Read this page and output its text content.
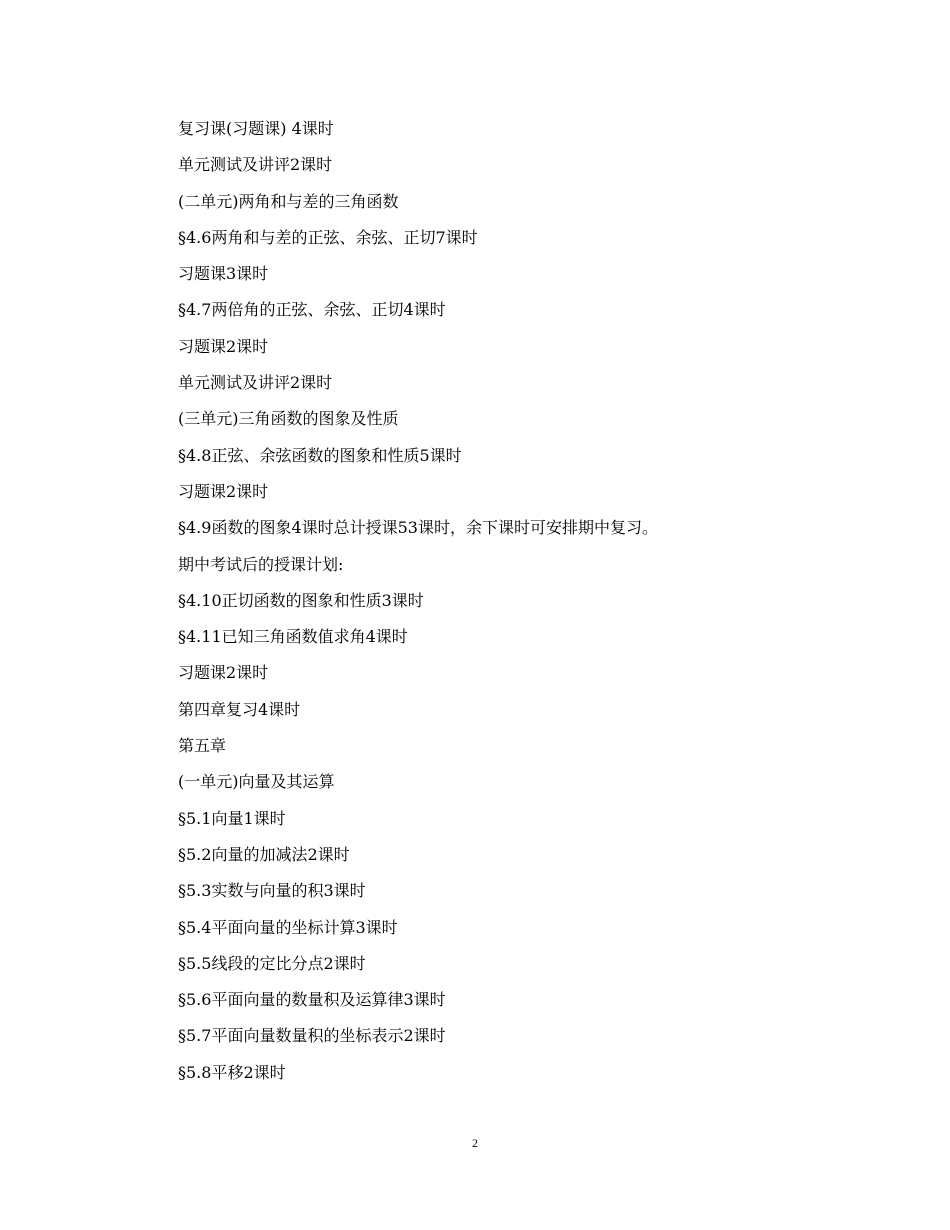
复习课(习题课) 4课时
单元测试及讲评2课时
(二单元)两角和与差的三角函数
§4.6两角和与差的正弦、余弦、正切7课时
习题课3课时
§4.7两倍角的正弦、余弦、正切4课时
习题课2课时
单元测试及讲评2课时
(三单元)三角函数的图象及性质
§4.8正弦、余弦函数的图象和性质5课时
习题课2课时
§4.9函数的图象4课时总计授课53课时，余下课时可安排期中复习。
期中考试后的授课计划:
§4.10正切函数的图象和性质3课时
§4.11已知三角函数值求角4课时
习题课2课时
第四章复习4课时
第五章
(一单元)向量及其运算
§5.1向量1课时
§5.2向量的加减法2课时
§5.3实数与向量的积3课时
§5.4平面向量的坐标计算3课时
§5.5线段的定比分点2课时
§5.6平面向量的数量积及运算律3课时
§5.7平面向量数量积的坐标表示2课时
§5.8平移2课时
2
